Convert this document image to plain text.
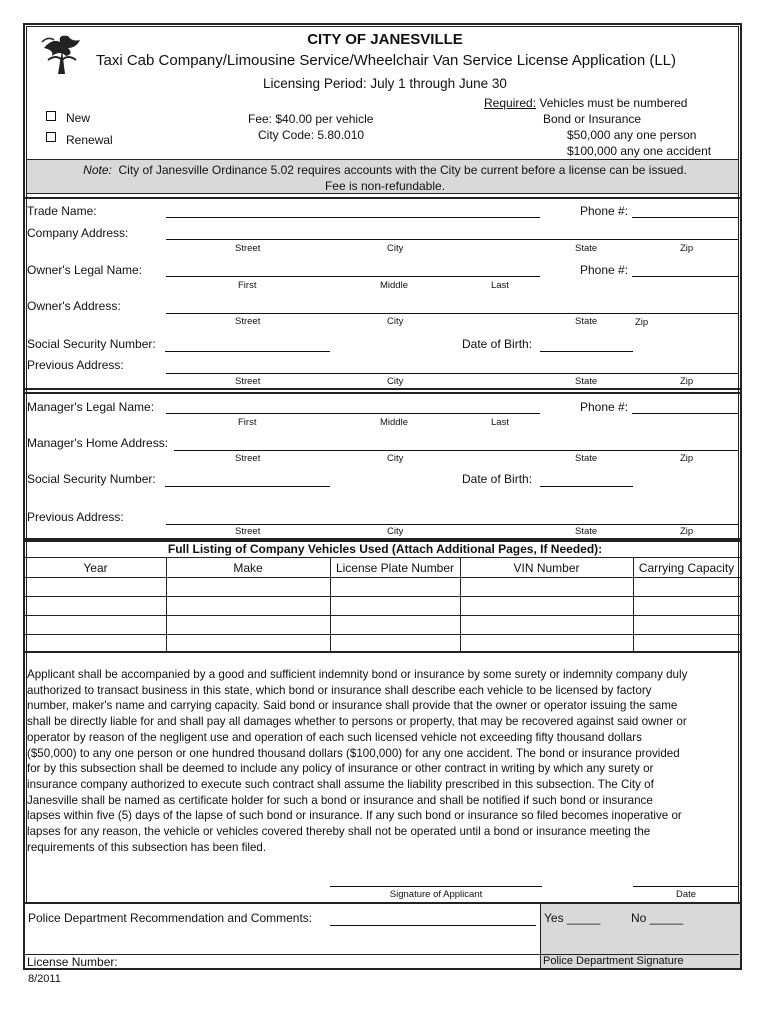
CITY OF JANESVILLE
Taxi Cab Company/Limousine Service/Wheelchair Van Service License Application (LL)
Licensing Period: July 1 through June 30
New
Renewal
Fee: $40.00 per vehicle
City Code: 5.80.010
Required: Vehicles must be numbered
Bond or Insurance
$50,000 any one person
$100,000 any one accident
Note: City of Janesville Ordinance 5.02 requires accounts with the City be current before a license can be issued.
Fee is non-refundable.
Trade Name:	Phone #:
Company Address:
Street	City	State	Zip
Owner's Legal Name:	Phone #:
First	Middle	Last
Owner's Address:
Street	City	State	Zip
Social Security Number:	Date of Birth:
Previous Address:
Street	City	State	Zip
Manager's Legal Name:	Phone #:
First	Middle	Last
Manager's Home Address:
Street	City	State	Zip
Social Security Number:	Date of Birth:
Previous Address:
Street	City	State	Zip
Full Listing of Company Vehicles Used (Attach Additional Pages, If Needed):
Year	Make	License Plate Number	VIN Number	Carrying Capacity
Applicant shall be accompanied by a good and sufficient indemnity bond or insurance by some surety or indemnity company duly
authorized to transact business in this state, which bond or insurance shall describe each vehicle to be licensed by factory
number, maker's name and carrying capacity. Said bond or insurance shall provide that the owner or operator issuing the same
shall be directly liable for and shall pay all damages whether to persons or property, that may be recovered against said owner or
operator by reason of the negligent use and operation of each such licensed vehicle not exceeding fifty thousand dollars
($50,000) to any one person or one hundred thousand dollars ($100,000) for any one accident. The bond or insurance provided
for by this subsection shall be deemed to include any policy of insurance or other contract in writing by which any surety or
insurance company authorized to execute such contract shall assume the liability prescribed in this subsection. The City of
Janesville shall be named as certificate holder for such a bond or insurance and shall be notified if such bond or insurance
lapses within five (5) days of the lapse of such bond or insurance. If any such bond or insurance so filed becomes inoperative or
lapses for any reason, the vehicle or vehicles covered thereby shall not be operated until a bond or insurance meeting the
requirements of this subsection has been filed.
Signature of Applicant	Date
Police Department Recommendation and Comments:	Yes _____	No _____
License Number:	Police Department Signature
8/2011
